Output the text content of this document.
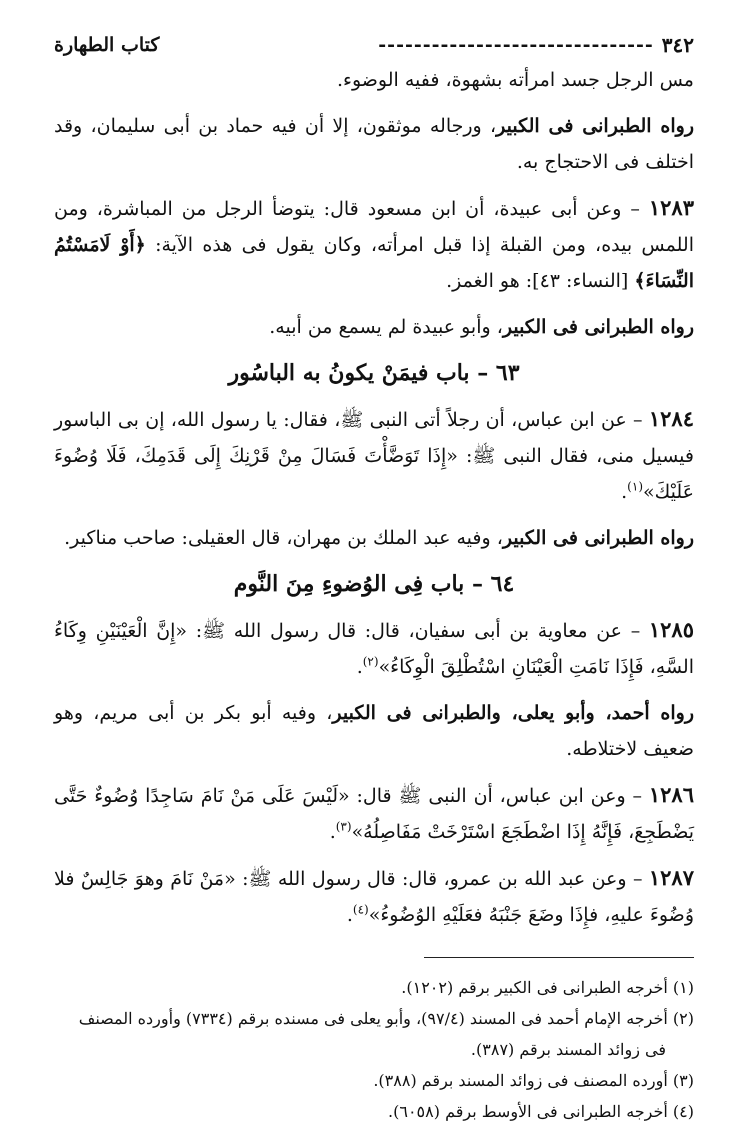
٣٤٢
-------------------------------
كتاب الطهارة

مس الرجل جسد امرأته بشهوة، ففيه الوضوء.

رواه الطبرانى فى الكبير، ورجاله موثقون، إلا أن فيه حماد بن أبى سليمان، وقد اختلف فى الاحتجاج به.

١٢٨٣ – وعن أبى عبيدة، أن ابن مسعود قال: يتوضأ الرجل من المباشرة، ومن اللمس بيده، ومن القبلة إذا قبل امرأته، وكان يقول فى هذه الآية: ﴿أَوْ لَامَسْتُمُ النِّسَاءَ﴾ [النساء: ٤٣]: هو الغمز.

رواه الطبرانى فى الكبير، وأبو عبيدة لم يسمع من أبيه.

٦٣ – باب فيمَنْ يكونُ به الباسُور

١٢٨٤ – عن ابن عباس، أن رجلاً أتى النبى ﷺ، فقال: يا رسول الله، إن بى الباسور فيسيل منى، فقال النبى ﷺ: «إِذَا تَوَضَّأْتَ فَسَالَ مِنْ قَرْنِكَ إِلَى قَدَمِكَ، فَلَا وُضُوءَ عَلَيْكَ»$^{(١)}$.

رواه الطبرانى فى الكبير، وفيه عبد الملك بن مهران، قال العقيلى: صاحب مناكير.

٦٤ – باب فِى الوُضوءِ مِنَ النَّوم

١٢٨٥ – عن معاوية بن أبى سفيان، قال: قال رسول الله ﷺ: «إِنَّ الْعَيْنَيْنِ وِكَاءُ السَّهِ، فَإِذَا نَامَتِ الْعَيْنَانِ اسْتُطْلِقَ الْوِكَاءُ»$^{(٢)}$.

رواه أحمد، وأبو يعلى، والطبرانى فى الكبير، وفيه أبو بكر بن أبى مريم، وهو ضعيف لاختلاطه.

١٢٨٦ – وعن ابن عباس، أن النبى ﷺ قال: «لَيْسَ عَلَى مَنْ نَامَ سَاجِدًا وُضُوءٌ حَتَّى يَضْطَجِعَ، فَإِنَّهُ إِذَا اضْطَجَعَ اسْتَرْخَتْ مَفَاصِلُهُ»$^{(٣)}$.

١٢٨٧ – وعن عبد الله بن عمرو، قال: قال رسول الله ﷺ: «مَنْ نَامَ وهوَ جَالِسٌ فلا وُضُوءَ عليهِ، فإِذَا وضَعَ جَنْبَهُ فعَلَيْهِ الوُضُوءُ»$^{(٤)}$.

(١) أخرجه الطبرانى فى الكبير برقم (١٢٠٢).

(٢) أخرجه الإمام أحمد فى المسند (٩٧/٤)، وأبو يعلى فى مسنده برقم (٧٣٣٤) وأورده المصنف

فى زوائد المسند برقم (٣٨٧).

(٣) أورده المصنف فى زوائد المسند برقم (٣٨٨).

(٤) أخرجه الطبرانى فى الأوسط برقم (٦٠٥٨).
